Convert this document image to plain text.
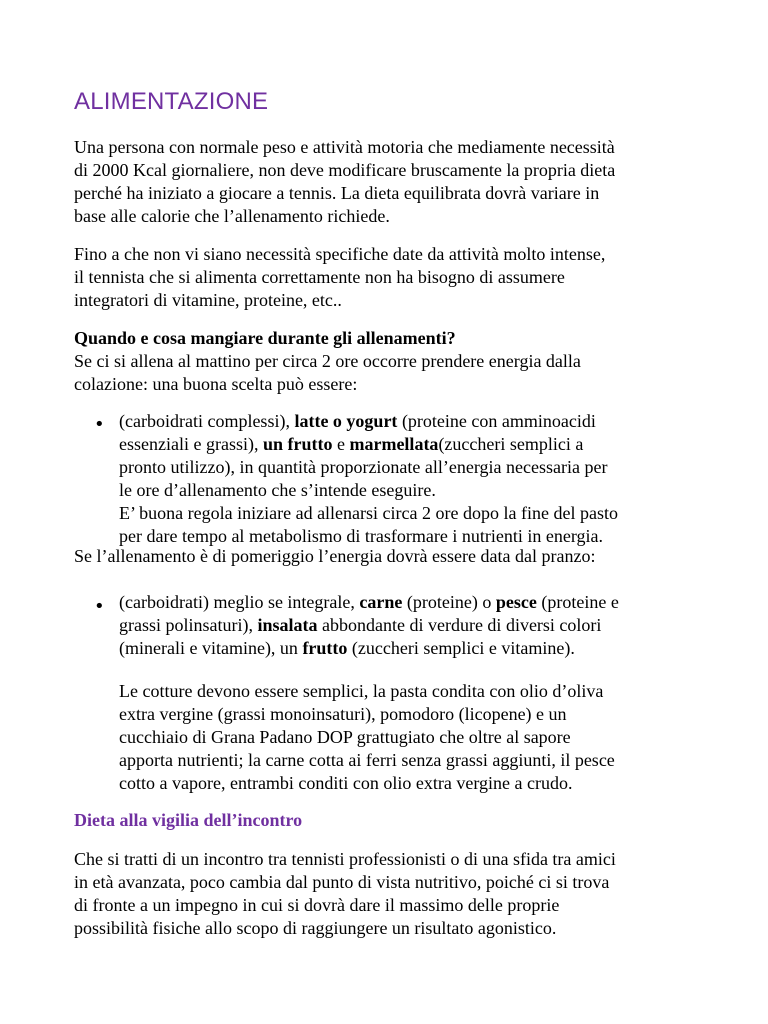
ALIMENTAZIONE
Una persona con normale peso e attività motoria che mediamente necessità
di 2000 Kcal giornaliere, non deve modificare bruscamente la propria dieta
perché ha iniziato a giocare a tennis. La dieta equilibrata dovrà variare in
base alle calorie che l’allenamento richiede.
Fino a che non vi siano necessità specifiche date da attività molto intense,
il tennista che si alimenta correttamente non ha bisogno di assumere
integratori di vitamine, proteine, etc..
Quando e cosa mangiare durante gli allenamenti?
Se ci si allena al mattino per circa 2 ore occorre prendere energia dalla
colazione: una buona scelta può essere:
• (carboidrati complessi), latte o yogurt (proteine con amminoacidi
essenziali e grassi), un frutto e marmellata(zuccheri semplici a
pronto utilizzo), in quantità proporzionate all’energia necessaria per
le ore d’allenamento che s’intende eseguire.
E’ buona regola iniziare ad allenarsi circa 2 ore dopo la fine del pasto
per dare tempo al metabolismo di trasformare i nutrienti in energia.
Se l’allenamento è di pomeriggio l’energia dovrà essere data dal pranzo:
• (carboidrati) meglio se integrale, carne (proteine) o pesce (proteine e
grassi polinsaturi), insalata abbondante di verdure di diversi colori
(minerali e vitamine), un frutto (zuccheri semplici e vitamine).
Le cotture devono essere semplici, la pasta condita con olio d’oliva
extra vergine (grassi monoinsaturi), pomodoro (licopene) e un
cucchiaio di Grana Padano DOP grattugiato che oltre al sapore
apporta nutrienti; la carne cotta ai ferri senza grassi aggiunti, il pesce
cotto a vapore, entrambi conditi con olio extra vergine a crudo.
Dieta alla vigilia dell’incontro
Che si tratti di un incontro tra tennisti professionisti o di una sfida tra amici
in età avanzata, poco cambia dal punto di vista nutritivo, poiché ci si trova
di fronte a un impegno in cui si dovrà dare il massimo delle proprie
possibilità fisiche allo scopo di raggiungere un risultato agonistico.
